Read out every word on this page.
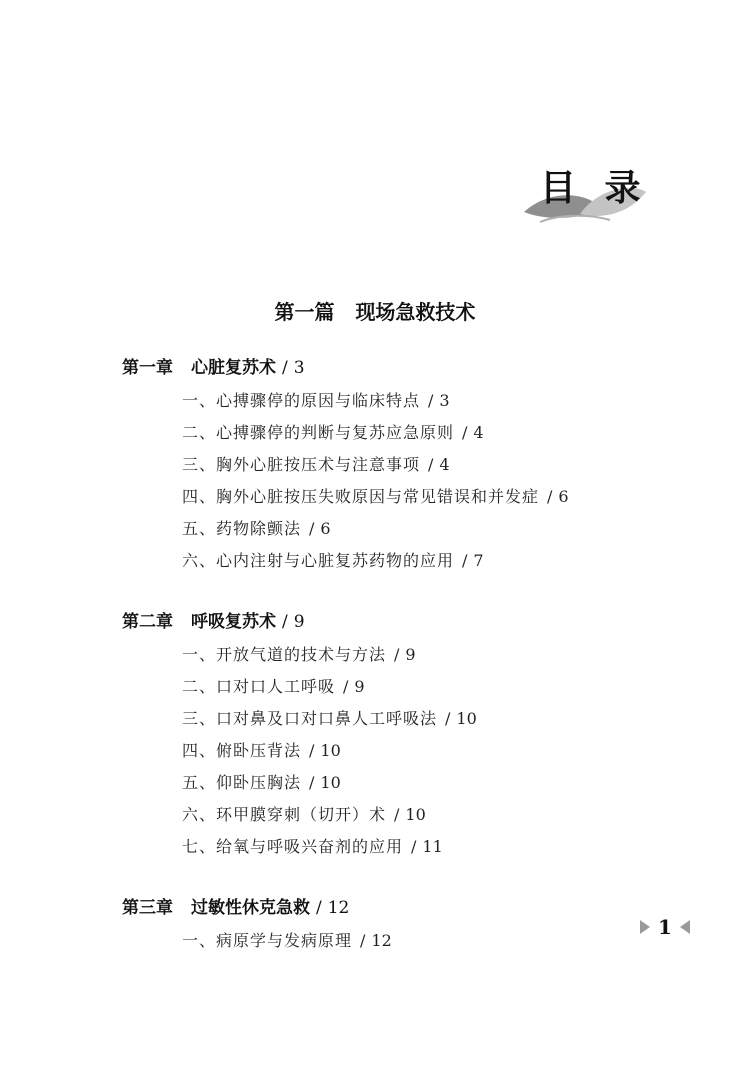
目 录
第一篇 现场急救技术
第一章 心脏复苏术 / 3
一、心搏骤停的原因与临床特点 / 3
二、心搏骤停的判断与复苏应急原则 / 4
三、胸外心脏按压术与注意事项 / 4
四、胸外心脏按压失败原因与常见错误和并发症 / 6
五、药物除颤法 / 6
六、心内注射与心脏复苏药物的应用 / 7
第二章 呼吸复苏术 / 9
一、开放气道的技术与方法 / 9
二、口对口人工呼吸 / 9
三、口对鼻及口对口鼻人工呼吸法 / 10
四、俯卧压背法 / 10
五、仰卧压胸法 / 10
六、环甲膜穿刺（切开）术 / 10
七、给氧与呼吸兴奋剂的应用 / 11
第三章 过敏性休克急救 / 12
一、病原学与发病原理 / 12
1
